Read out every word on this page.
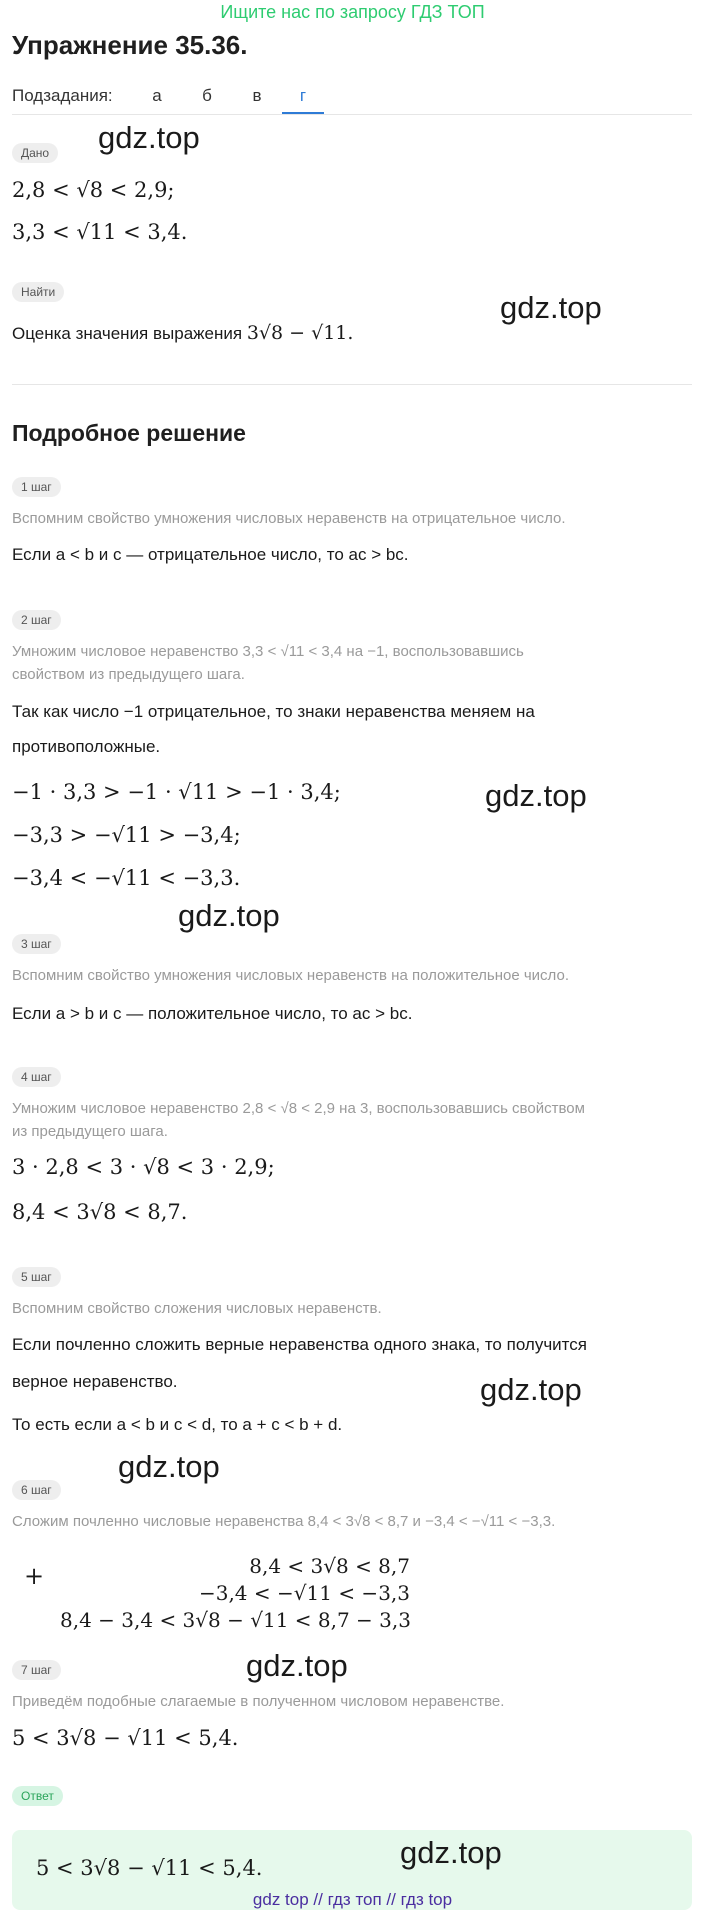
Ищите нас по запросу ГДЗ ТОП
Упражнение 35.36.
Подзадания:	а	б	в	г
Дано
2,8 < √8 < 2,9;
3,3 < √11 < 3,4.
Найти
Оценка значения выражения 3√8 − √11.
Подробное решение
1 шаг
Вспомним свойство умножения числовых неравенств на отрицательное число.
Если a < b и c — отрицательное число, то ac > bc.
2 шаг
Умножим числовое неравенство 3,3 < √11 < 3,4 на −1, воспользовавшись
свойством из предыдущего шага.
Так как число −1 отрицательное, то знаки неравенства меняем на
противоположные.
−1 · 3,3 > −1 · √11 > −1 · 3,4;
−3,3 > −√11 > −3,4;
−3,4 < −√11 < −3,3.
3 шаг
Вспомним свойство умножения числовых неравенств на положительное число.
Если a > b и c — положительное число, то ac > bc.
4 шаг
Умножим числовое неравенство 2,8 < √8 < 2,9 на 3, воспользовавшись свойством
из предыдущего шага.
3 · 2,8 < 3 · √8 < 3 · 2,9;
8,4 < 3√8 < 8,7.
5 шаг
Вспомним свойство сложения числовых неравенств.
Если почленно сложить верные неравенства одного знака, то получится
верное неравенство.
То есть если a < b и c < d, то a + c < b + d.
6 шаг
Сложим почленно числовые неравенства 8,4 < 3√8 < 8,7 и −3,4 < −√11 < −3,3.
+	8,4 < 3√8 < 8,7
−3,4 < −√11 < −3,3
8,4 − 3,4 < 3√8 − √11 < 8,7 − 3,3
7 шаг
Приведём подобные слагаемые в полученном числовом неравенстве.
5 < 3√8 − √11 < 5,4.
Ответ
5 < 3√8 − √11 < 5,4.
gdz.top
gdz.top
gdz.top
gdz.top
gdz.top
gdz.top
gdz.top
gdz.top
gdz top // гдз топ // гдз top
